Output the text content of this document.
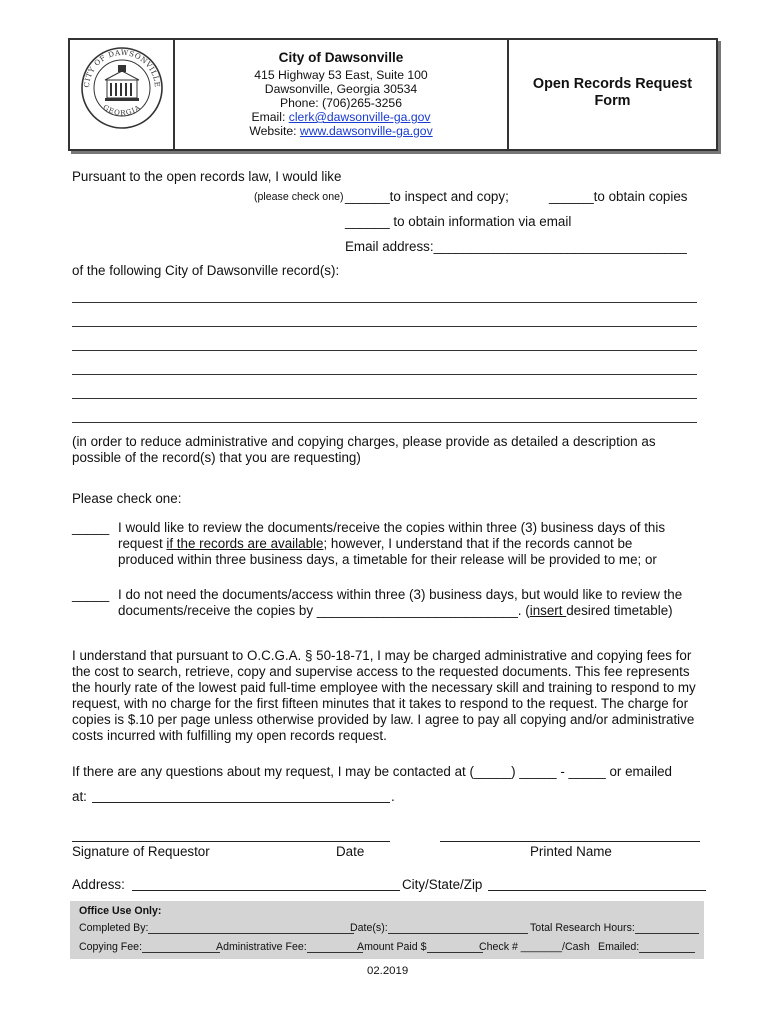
CITY OF DAWSONVILLE
GEORGIA
City of Dawsonville
415 Highway 53 East, Suite 100
Dawsonville, Georgia 30534
Phone: (706)265-3256
Email: clerk@dawsonville-ga.gov
Website: www.dawsonville-ga.gov
Open Records Request
Form
Pursuant to the open records law, I would like
(please check one) ______to inspect and copy;	______to obtain copies
______ to obtain information via email
Email address:__________________________________
of the following City of Dawsonville record(s):
(in order to reduce administrative and copying charges, please provide as detailed a description as possible of the record(s) that you are requesting)
Please check one:
_____ I would like to review the documents/receive the copies within three (3) business days of this
request if the records are available; however, I understand that if the records cannot be
produced within three business days, a timetable for their release will be provided to me; or
_____ I do not need the documents/access within three (3) business days, but would like to review the
documents/receive the copies by ___________________________. (insert desired timetable)
I understand that pursuant to O.C.G.A. § 50-18-71, I may be charged administrative and copying fees for the cost to search, retrieve, copy and supervise access to the requested documents. This fee represents the hourly rate of the lowest paid full-time employee with the necessary skill and training to respond to my request, with no charge for the first fifteen minutes that it takes to respond to the request. The charge for copies is $.10 per page unless otherwise provided by law. I agree to pay all copying and/or administrative costs incurred with fulfilling my open records request.
If there are any questions about my request, I may be contacted at (_____) _____ - _____ or emailed
at:	.
Signature of Requestor	Date	Printed Name
Address:	City/State/Zip
Office Use Only:
Completed By:	Date(s):	Total Research Hours:
Copying Fee:	Administrative Fee:	Amount Paid $	Check # _______/Cash Emailed:
02.2019
